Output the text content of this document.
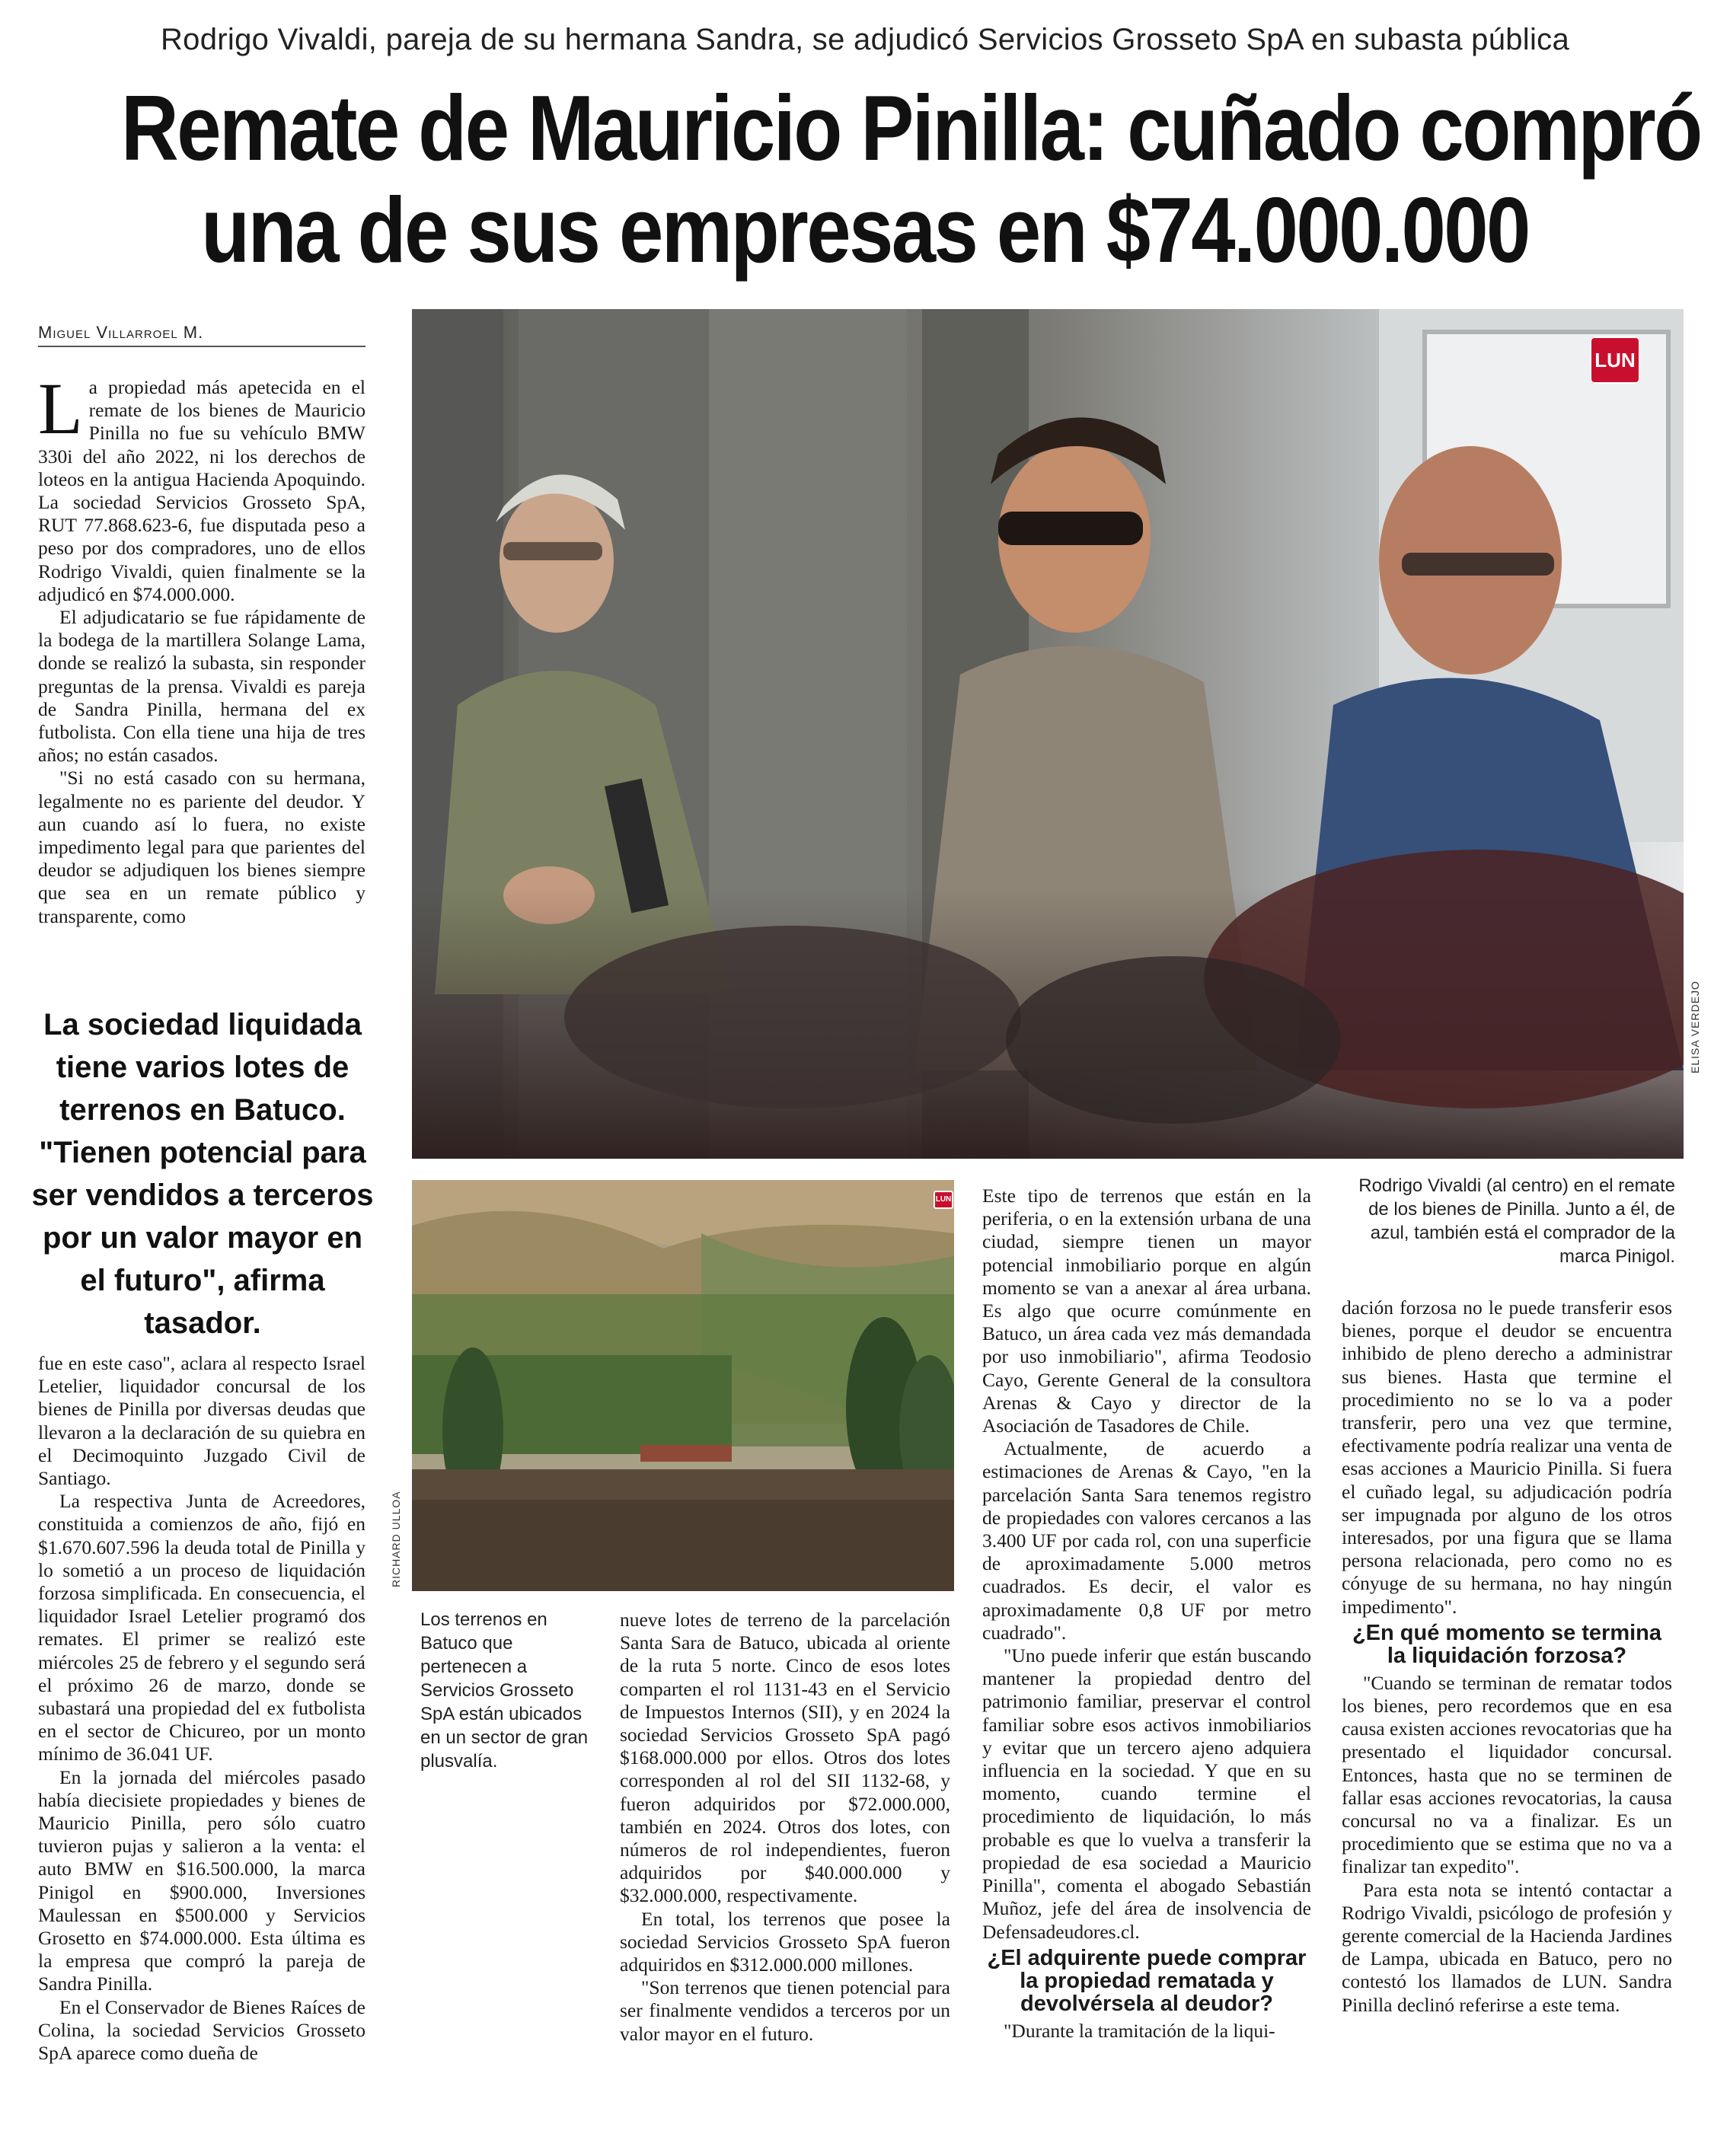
Rodrigo Vivaldi, pareja de su hermana Sandra, se adjudicó Servicios Grosseto SpA en subasta pública
Remate de Mauricio Pinilla: cuñado compró
una de sus empresas en $74.000.000
Miguel Villarroel M.
L a propiedad más apetecida en el remate de los bienes de Mauricio Pinilla no fue su vehículo BMW 330i del año 2022, ni los derechos de loteos en la antigua Hacienda Apoquindo. La sociedad Servicios Grosseto SpA, RUT 77.868.623-6, fue disputada peso a peso por dos compradores, uno de ellos Rodrigo Vivaldi, quien finalmente se la adjudicó en $74.000.000.

El adjudicatario se fue rápidamente de la bodega de la martillera Solange Lama, donde se realizó la subasta, sin responder preguntas de la prensa. Vivaldi es pareja de Sandra Pinilla, hermana del ex futbolista. Con ella tiene una hija de tres años; no están casados.

"Si no está casado con su hermana, legalmente no es pariente del deudor. Y aun cuando así lo fuera, no existe impedimento legal para que parientes del deudor se adjudiquen los bienes siempre que sea en un remate público y transparente, como

La sociedad liquidada tiene varios lotes de terrenos en Batuco. "Tienen potencial para ser vendidos a terceros por un valor mayor en el futuro", afirma tasador.

fue en este caso", aclara al respecto Israel Letelier, liquidador concursal de los bienes de Pinilla por diversas deudas que llevaron a la declaración de su quiebra en el Decimoquinto Juzgado Civil de Santiago.

La respectiva Junta de Acreedores, constituida a comienzos de año, fijó en $1.670.607.596 la deuda total de Pinilla y lo sometió a un proceso de liquidación forzosa simplificada. En consecuencia, el liquidador Israel Letelier programó dos remates. El primer se realizó este miércoles 25 de febrero y el segundo será el próximo 26 de marzo, donde se subastará una propiedad del ex futbolista en el sector de Chicureo, por un monto mínimo de 36.041 UF.

En la jornada del miércoles pasado había diecisiete propiedades y bienes de Mauricio Pinilla, pero sólo cuatro tuvieron pujas y salieron a la venta: el auto BMW en $16.500.000, la marca Pinigol en $900.000, Inversiones Maulessan en $500.000 y Servicios Grosetto en $74.000.000. Esta última es la empresa que compró la pareja de Sandra Pinilla.

En el Conservador de Bienes Raíces de Colina, la sociedad Servicios Grosseto SpA aparece como dueña de

LUN
ELISA VERDEJO
Rodrigo Vivaldi (al centro) en el remate de los bienes de Pinilla. Junto a él, de azul, también está el comprador de la marca Pinigol.
LUN
RICHARD ULLOA
Los terrenos en Batuco que pertenecen a Servicios Grosseto SpA están ubicados en un sector de gran plusvalía.

nueve lotes de terreno de la parcelación Santa Sara de Batuco, ubicada al oriente de la ruta 5 norte. Cinco de esos lotes comparten el rol 1131-43 en el Servicio de Impuestos Internos (SII), y en 2024 la sociedad Servicios Grosseto SpA pagó $168.000.000 por ellos. Otros dos lotes corresponden al rol del SII 1132-68, y fueron adquiridos por $72.000.000, también en 2024. Otros dos lotes, con números de rol independientes, fueron adquiridos por $40.000.000 y $32.000.000, respectivamente.

En total, los terrenos que posee la sociedad Servicios Grosseto SpA fueron adquiridos en $312.000.000 millones.

"Son terrenos que tienen potencial para ser finalmente vendidos a terceros por un valor mayor en el futuro.

Este tipo de terrenos que están en la periferia, o en la extensión urbana de una ciudad, siempre tienen un mayor potencial inmobiliario porque en algún momento se van a anexar al área urbana. Es algo que ocurre comúnmente en Batuco, un área cada vez más demandada por uso inmobiliario", afirma Teodosio Cayo, Gerente General de la consultora Arenas & Cayo y director de la Asociación de Tasadores de Chile.

Actualmente, de acuerdo a estimaciones de Arenas & Cayo, "en la parcelación Santa Sara tenemos registro de propiedades con valores cercanos a las 3.400 UF por cada rol, con una superficie de aproximadamente 5.000 metros cuadrados. Es decir, el valor es aproximadamente 0,8 UF por metro cuadrado".

"Uno puede inferir que están buscando mantener la propiedad dentro del patrimonio familiar, preservar el control familiar sobre esos activos inmobiliarios y evitar que un tercero ajeno adquiera influencia en la sociedad. Y que en su momento, cuando termine el procedimiento de liquidación, lo más probable es que lo vuelva a transferir la propiedad de esa sociedad a Mauricio Pinilla", comenta el abogado Sebastián Muñoz, jefe del área de insolvencia de Defensadeudores.cl.

¿El adquirente puede comprar la propiedad rematada y devolvérsela al deudor?

"Durante la tramitación de la liqui-

dación forzosa no le puede transferir esos bienes, porque el deudor se encuentra inhibido de pleno derecho a administrar sus bienes. Hasta que termine el procedimiento no se lo va a poder transferir, pero una vez que termine, efectivamente podría realizar una venta de esas acciones a Mauricio Pinilla. Si fuera el cuñado legal, su adjudicación podría ser impugnada por alguno de los otros interesados, por una figura que se llama persona relacionada, pero como no es cónyuge de su hermana, no hay ningún impedimento".

¿En qué momento se termina la liquidación forzosa?

"Cuando se terminan de rematar todos los bienes, pero recordemos que en esa causa existen acciones revocatorias que ha presentado el liquidador concursal. Entonces, hasta que no se terminen de fallar esas acciones revocatorias, la causa concursal no va a finalizar. Es un procedimiento que se estima que no va a finalizar tan expedito".

Para esta nota se intentó contactar a Rodrigo Vivaldi, psicólogo de profesión y gerente comercial de la Hacienda Jardines de Lampa, ubicada en Batuco, pero no contestó los llamados de LUN. Sandra Pinilla declinó referirse a este tema.
